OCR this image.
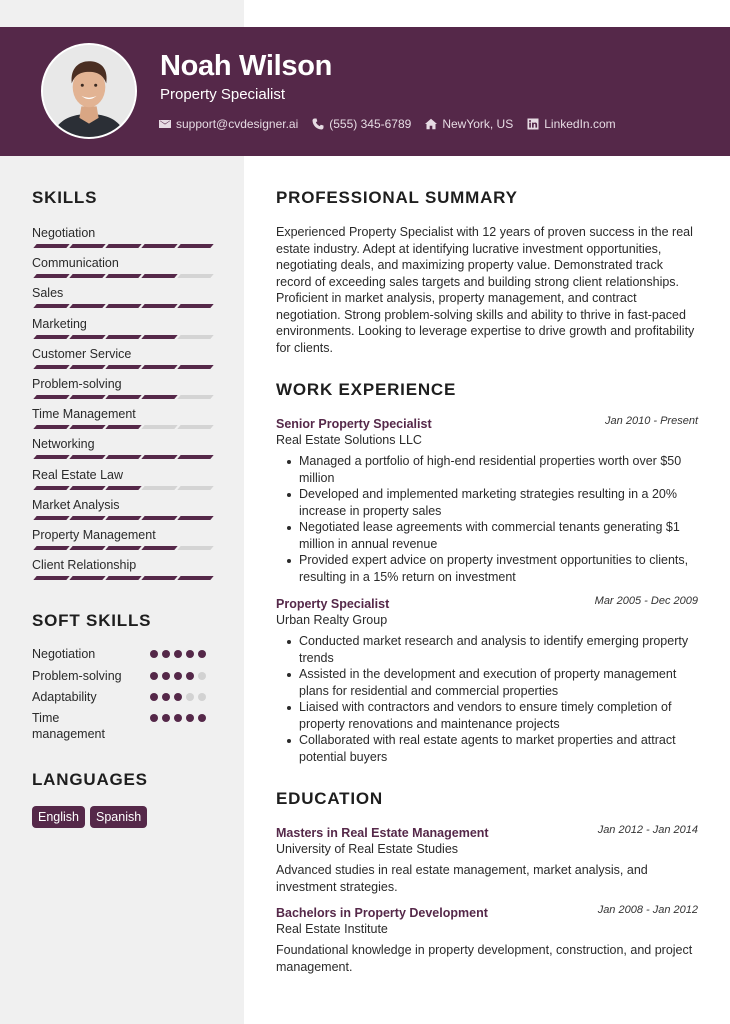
Noah Wilson
Property Specialist
support@cvdesigner.ai	(555) 345-6789	NewYork, US	LinkedIn.com
SKILLS
Negotiation
Communication
Sales
Marketing
Customer Service
Problem-solving
Time Management
Networking
Real Estate Law
Market Analysis
Property Management
Client Relationship
SOFT SKILLS
Negotiation
Problem-solving
Adaptability
Time management
LANGUAGES
English	Spanish
PROFESSIONAL SUMMARY
Experienced Property Specialist with 12 years of proven success in the real estate industry. Adept at identifying lucrative investment opportunities, negotiating deals, and maximizing property value. Demonstrated track record of exceeding sales targets and building strong client relationships. Proficient in market analysis, property management, and contract negotiation. Strong problem-solving skills and ability to thrive in fast-paced environments. Looking to leverage expertise to drive growth and profitability for clients.
WORK EXPERIENCE
Senior Property Specialist	Jan 2010 - Present
Real Estate Solutions LLC
Managed a portfolio of high-end residential properties worth over $50 million
Developed and implemented marketing strategies resulting in a 20% increase in property sales
Negotiated lease agreements with commercial tenants generating $1 million in annual revenue
Provided expert advice on property investment opportunities to clients, resulting in a 15% return on investment
Property Specialist	Mar 2005 - Dec 2009
Urban Realty Group
Conducted market research and analysis to identify emerging property trends
Assisted in the development and execution of property management plans for residential and commercial properties
Liaised with contractors and vendors to ensure timely completion of property renovations and maintenance projects
Collaborated with real estate agents to market properties and attract potential buyers
EDUCATION
Masters in Real Estate Management	Jan 2012 - Jan 2014
University of Real Estate Studies
Advanced studies in real estate management, market analysis, and investment strategies.
Bachelors in Property Development	Jan 2008 - Jan 2012
Real Estate Institute
Foundational knowledge in property development, construction, and project management.
